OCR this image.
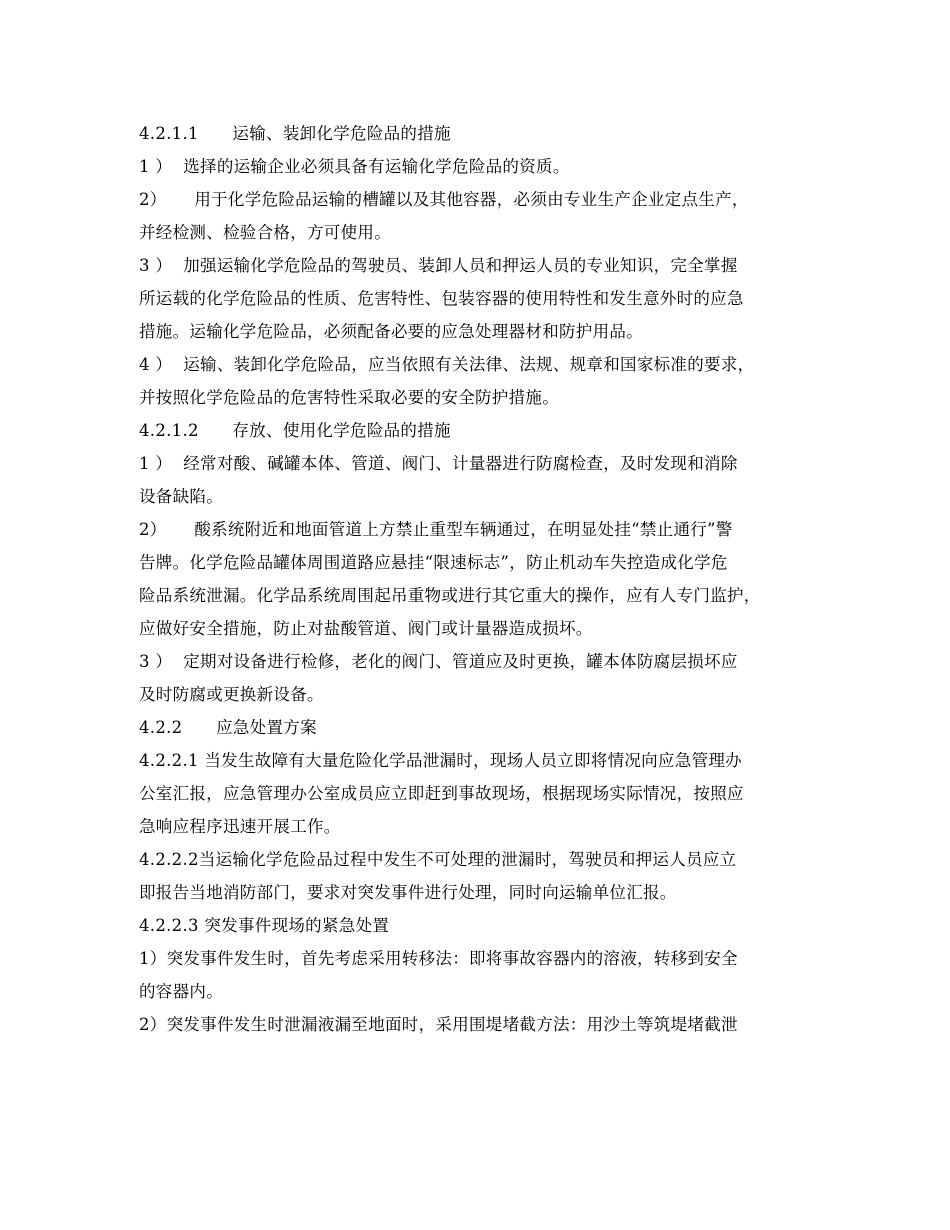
4.2.1.1　　运输、装卸化学危险品的措施
1 ）  选择的运输企业必须具备有运输化学危险品的资质。
2）     用于化学危险品运输的槽罐以及其他容器，必须由专业生产企业定点生产，
并经检测、检验合格，方可使用。
3 ）  加强运输化学危险品的驾驶员、装卸人员和押运人员的专业知识，完全掌握
所运载的化学危险品的性质、危害特性、包装容器的使用特性和发生意外时的应急
措施。运输化学危险品，必须配备必要的应急处理器材和防护用品。
4 ）  运输、装卸化学危险品，应当依照有关法律、法规、规章和国家标准的要求，
并按照化学危险品的危害特性采取必要的安全防护措施。
4.2.1.2　　存放、使用化学危险品的措施
1 ）  经常对酸、碱罐本体、管道、阀门、计量器进行防腐检查，及时发现和消除
设备缺陷。
2）     酸系统附近和地面管道上方禁止重型车辆通过，在明显处挂“禁止通行”警
告牌。化学危险品罐体周围道路应悬挂“限速标志”，防止机动车失控造成化学危
险品系统泄漏。化学品系统周围起吊重物或进行其它重大的操作，应有人专门监护，
应做好安全措施，防止对盐酸管道、阀门或计量器造成损坏。
3 ）  定期对设备进行检修，老化的阀门、管道应及时更换，罐本体防腐层损坏应
及时防腐或更换新设备。
4.2.2　　应急处置方案
4.2.2.1 当发生故障有大量危险化学品泄漏时，现场人员立即将情况向应急管理办
公室汇报，应急管理办公室成员应立即赶到事故现场，根据现场实际情况，按照应
急响应程序迅速开展工作。
4.2.2.2当运输化学危险品过程中发生不可处理的泄漏时，驾驶员和押运人员应立
即报告当地消防部门，要求对突发事件进行处理，同时向运输单位汇报。
4.2.2.3 突发事件现场的紧急处置
1）突发事件发生时，首先考虑采用转移法：即将事故容器内的溶液，转移到安全
的容器内。
2）突发事件发生时泄漏液漏至地面时，采用围堤堵截方法：用沙土等筑堤堵截泄
